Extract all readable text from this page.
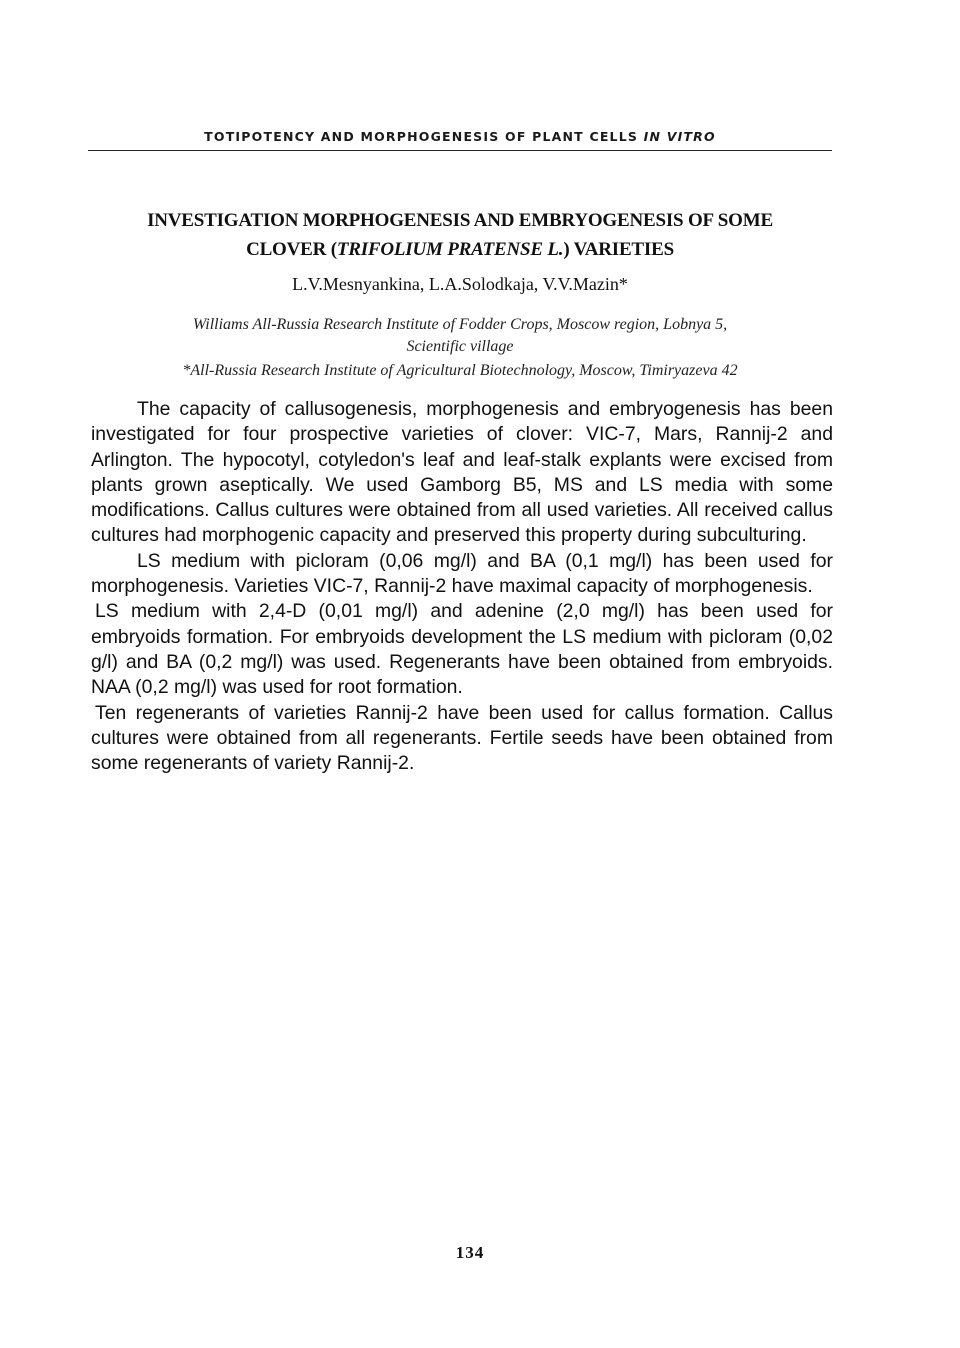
TOTIPOTENCY AND MORPHOGENESIS OF PLANT CELLS IN VITRO
INVESTIGATION MORPHOGENESIS AND EMBRYOGENESIS OF SOME
CLOVER (TRIFOLIUM PRATENSE L.) VARIETIES
L.V.Mesnyankina, L.A.Solodkaja, V.V.Mazin*
Williams All-Russia Research Institute of Fodder Crops, Moscow region, Lobnya 5,
Scientific village
*All-Russia Research Institute of Agricultural Biotechnology, Moscow, Timiryazeva 42

The capacity of callusogenesis, morphogenesis and embryogenesis has been investigated for four prospective varieties of clover: VIC-7, Mars, Rannij-2 and Arlington. The hypocotyl, cotyledon's leaf and leaf-stalk explants were excised from plants grown aseptically. We used Gamborg B5, MS and LS media with some modifications. Callus cultures were obtained from all used varieties. All received callus cultures had morphogenic capacity and preserved this property during subculturing.

LS medium with picloram (0,06 mg/l) and BA (0,1 mg/l) has been used for morphogenesis. Varieties VIC-7, Rannij-2 have maximal capacity of morphogenesis.

LS medium with 2,4-D (0,01 mg/l) and adenine (2,0 mg/l) has been used for embryoids formation. For embryoids development the LS medium with picloram (0,02 g/l) and BA (0,2 mg/l) was used. Regenerants have been obtained from embryoids. NAA (0,2 mg/l) was used for root formation.

Ten regenerants of varieties Rannij-2 have been used for callus formation. Callus cultures were obtained from all regenerants. Fertile seeds have been obtained from some regenerants of variety Rannij-2.

134
